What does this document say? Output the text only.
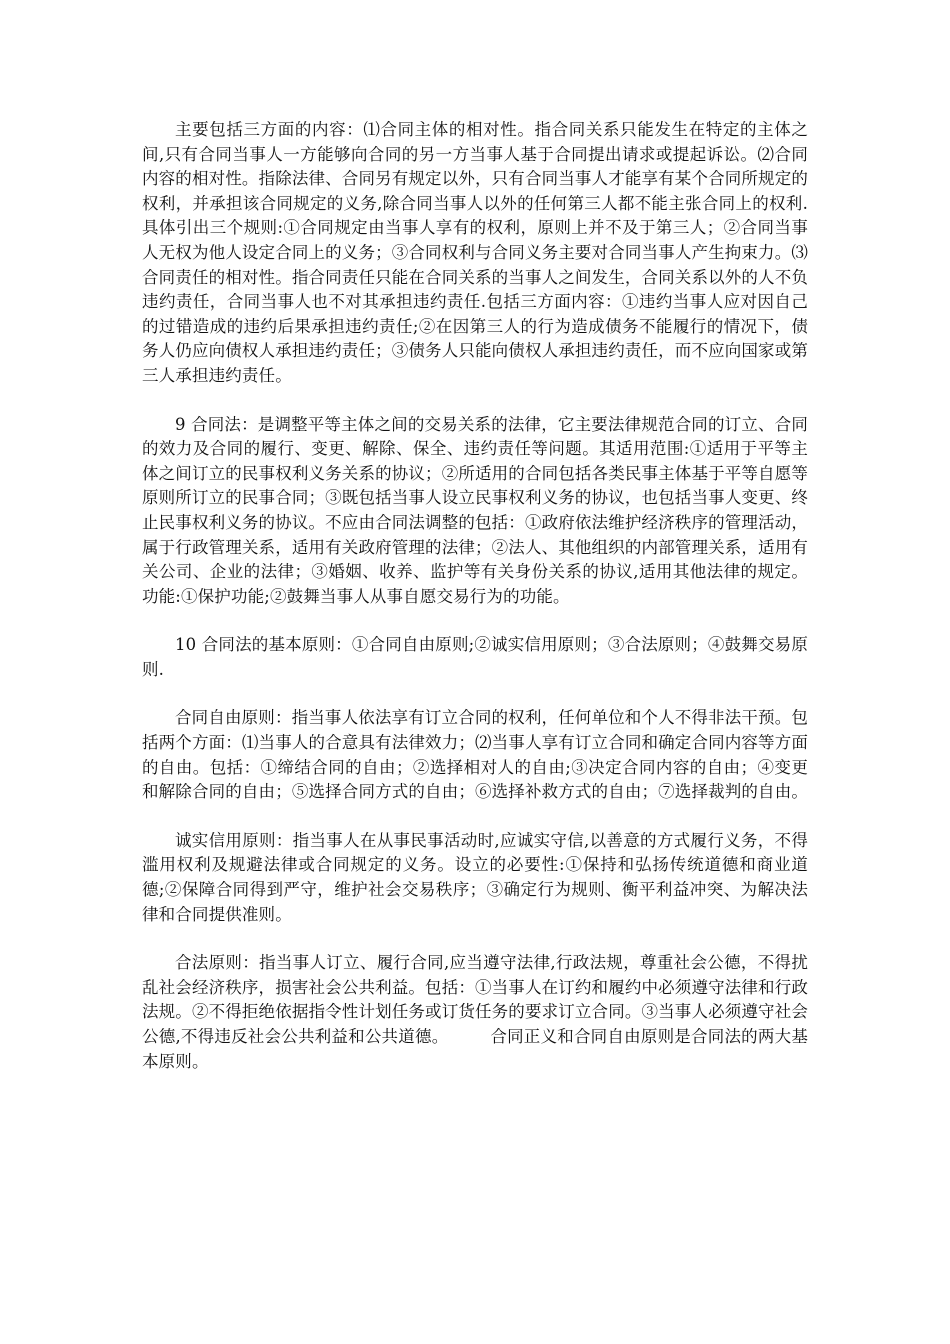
主要包括三方面的内容：⑴合同主体的相对性。指合同关系只能发生在特定的主体之间,只有合同当事人一方能够向合同的另一方当事人基于合同提出请求或提起诉讼。⑵合同内容的相对性。指除法律、合同另有规定以外，只有合同当事人才能享有某个合同所规定的权利，并承担该合同规定的义务,除合同当事人以外的任何第三人都不能主张合同上的权利.具体引出三个规则:①合同规定由当事人享有的权利，原则上并不及于第三人；②合同当事人无权为他人设定合同上的义务；③合同权利与合同义务主要对合同当事人产生拘束力。⑶合同责任的相对性。指合同责任只能在合同关系的当事人之间发生，合同关系以外的人不负违约责任，合同当事人也不对其承担违约责任.包括三方面内容：①违约当事人应对因自己的过错造成的违约后果承担违约责任;②在因第三人的行为造成债务不能履行的情况下，债务人仍应向债权人承担违约责任；③债务人只能向债权人承担违约责任，而不应向国家或第三人承担违约责任。

9 合同法：是调整平等主体之间的交易关系的法律，它主要法律规范合同的订立、合同的效力及合同的履行、变更、解除、保全、违约责任等问题。其适用范围:①适用于平等主体之间订立的民事权利义务关系的协议；②所适用的合同包括各类民事主体基于平等自愿等原则所订立的民事合同；③既包括当事人设立民事权利义务的协议，也包括当事人变更、终止民事权利义务的协议。不应由合同法调整的包括：①政府依法维护经济秩序的管理活动，属于行政管理关系，适用有关政府管理的法律；②法人、其他组织的内部管理关系，适用有关公司、企业的法律；③婚姻、收养、监护等有关身份关系的协议,适用其他法律的规定。功能:①保护功能;②鼓舞当事人从事自愿交易行为的功能。

10 合同法的基本原则：①合同自由原则;②诚实信用原则；③合法原则；④鼓舞交易原则.

合同自由原则：指当事人依法享有订立合同的权利，任何单位和个人不得非法干预。包括两个方面：⑴当事人的合意具有法律效力；⑵当事人享有订立合同和确定合同内容等方面的自由。包括：①缔结合同的自由；②选择相对人的自由;③决定合同内容的自由；④变更和解除合同的自由；⑤选择合同方式的自由；⑥选择补救方式的自由；⑦选择裁判的自由。

诚实信用原则：指当事人在从事民事活动时,应诚实守信,以善意的方式履行义务，不得滥用权利及规避法律或合同规定的义务。设立的必要性:①保持和弘扬传统道德和商业道德;②保障合同得到严守，维护社会交易秩序；③确定行为规则、衡平利益冲突、为解决法律和合同提供准则。

合法原则：指当事人订立、履行合同,应当遵守法律,行政法规，尊重社会公德，不得扰乱社会经济秩序，损害社会公共利益。包括：①当事人在订约和履约中必须遵守法律和行政法规。②不得拒绝依据指令性计划任务或订货任务的要求订立合同。③当事人必须遵守社会公德,不得违反社会公共利益和公共道德。　　　合同正义和合同自由原则是合同法的两大基本原则。
